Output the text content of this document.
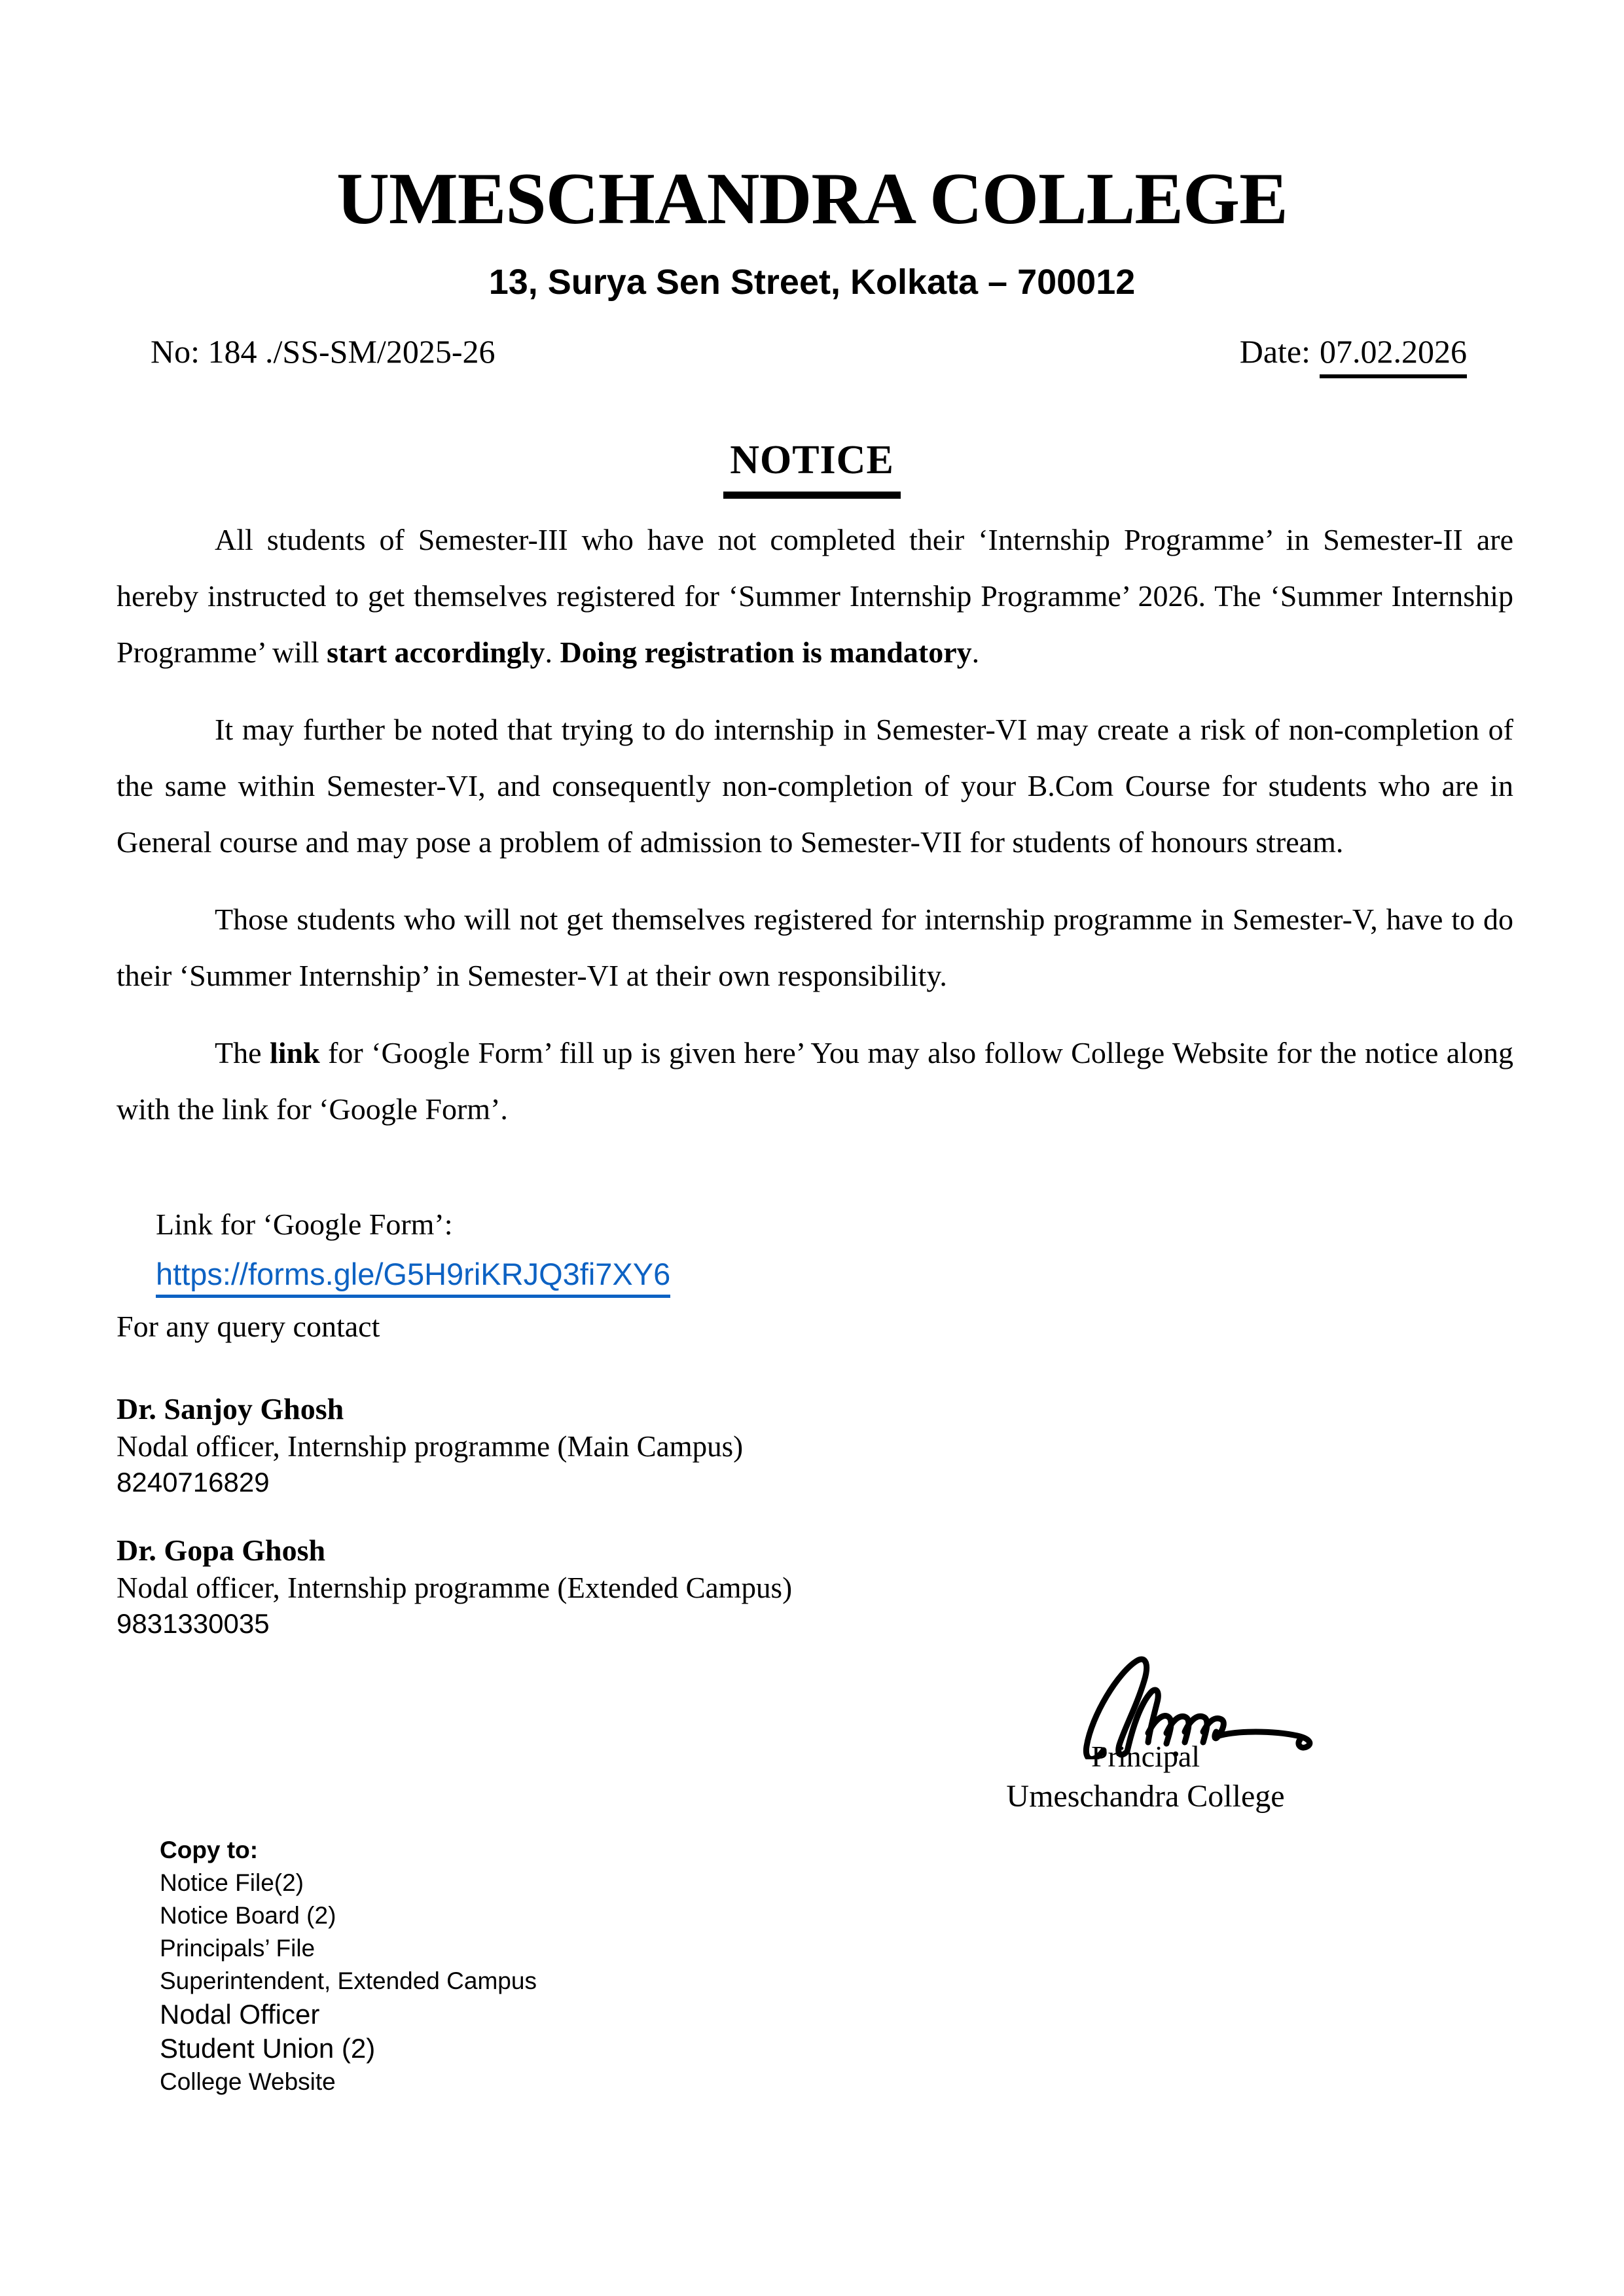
UMESCHANDRA COLLEGE
13, Surya Sen Street, Kolkata – 700012
No: 184 ./SS-SM/2025-26	Date: 07.02.2026
NOTICE

All students of Semester-III who have not completed their ‘Internship Programme’ in Semester-II are hereby instructed to get themselves registered for ‘Summer Internship Programme’ 2026. The ‘Summer Internship Programme’ will start accordingly. Doing registration is mandatory.

It may further be noted that trying to do internship in Semester-VI may create a risk of non-completion of the same within Semester-VI, and consequently non-completion of your B.Com Course for students who are in General course and may pose a problem of admission to Semester-VII for students of honours stream.

Those students who will not get themselves registered for internship programme in Semester-V, have to do their ‘Summer Internship’ in Semester-VI at their own responsibility.

The link for ‘Google Form’ fill up is given here’ You may also follow College Website for the notice along with the link for ‘Google Form’.

Link for ‘Google Form’:
https://forms.gle/G5H9riKRJQ3fi7XY6
For any query contact
Dr. Sanjoy Ghosh
Nodal officer, Internship programme (Main Campus)
8240716829
Dr. Gopa Ghosh
Nodal officer, Internship programme (Extended Campus)
9831330035
Principal
Umeschandra College
Copy to:
Notice File(2)
Notice Board (2)
Principals’ File
Superintendent, Extended Campus
Nodal Officer
Student Union (2)
College Website
